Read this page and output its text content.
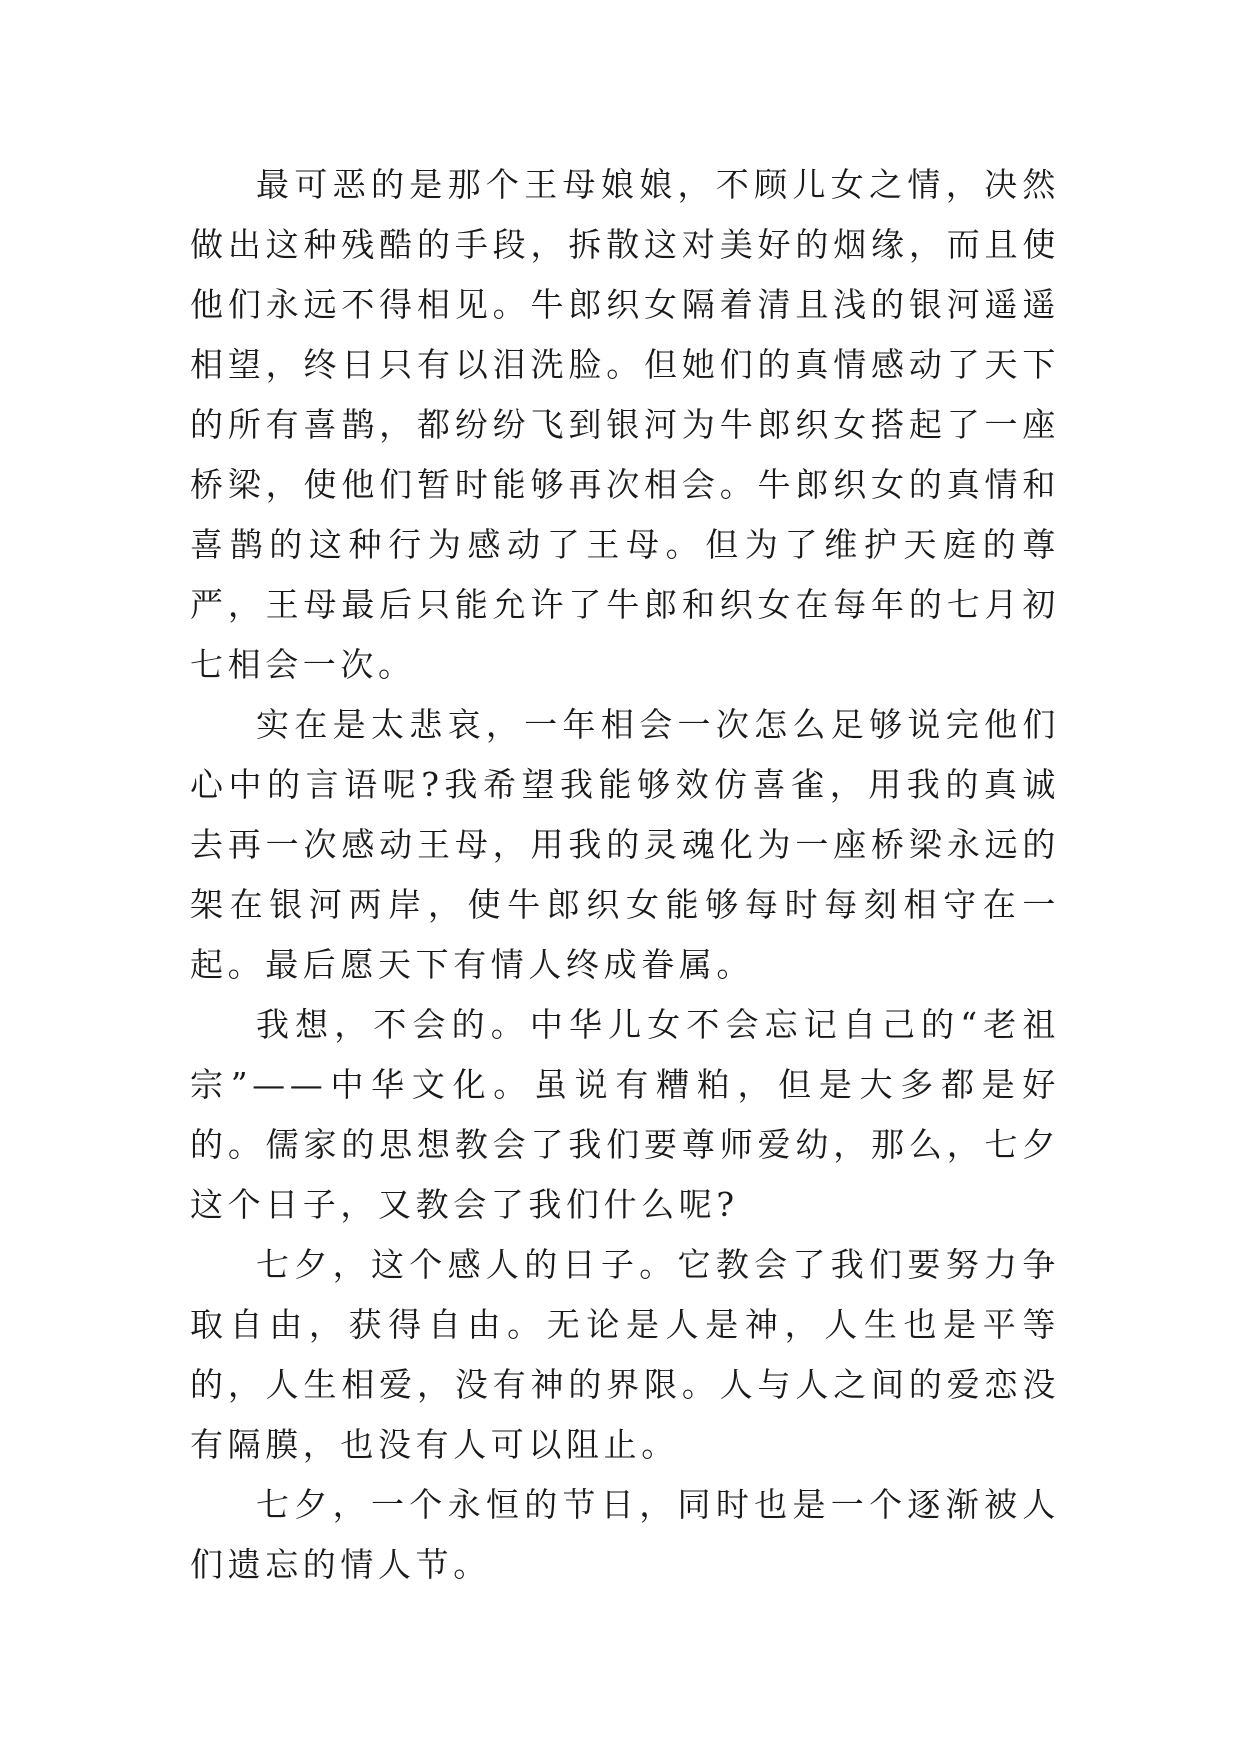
最可恶的是那个王母娘娘，不顾儿女之情，决然做出这种残酷的手段，拆散这对美好的烟缘，而且使他们永远不得相见。牛郎织女隔着清且浅的银河遥遥相望，终日只有以泪洗脸。但她们的真情感动了天下的所有喜鹊，都纷纷飞到银河为牛郎织女搭起了一座桥梁，使他们暂时能够再次相会。牛郎织女的真情和喜鹊的这种行为感动了王母。但为了维护天庭的尊严，王母最后只能允许了牛郎和织女在每年的七月初七相会一次。

实在是太悲哀，一年相会一次怎么足够说完他们心中的言语呢?我希望我能够效仿喜雀，用我的真诚去再一次感动王母，用我的灵魂化为一座桥梁永远的架在银河两岸，使牛郎织女能够每时每刻相守在一起。最后愿天下有情人终成眷属。

我想，不会的。中华儿女不会忘记自己的“老祖宗”——中华文化。虽说有糟粕，但是大多都是好的。儒家的思想教会了我们要尊师爱幼，那么，七夕这个日子，又教会了我们什么呢?

七夕，这个感人的日子。它教会了我们要努力争取自由，获得自由。无论是人是神，人生也是平等的，人生相爱，没有神的界限。人与人之间的爱恋没有隔膜，也没有人可以阻止。

七夕，一个永恒的节日，同时也是一个逐渐被人们遗忘的情人节。
